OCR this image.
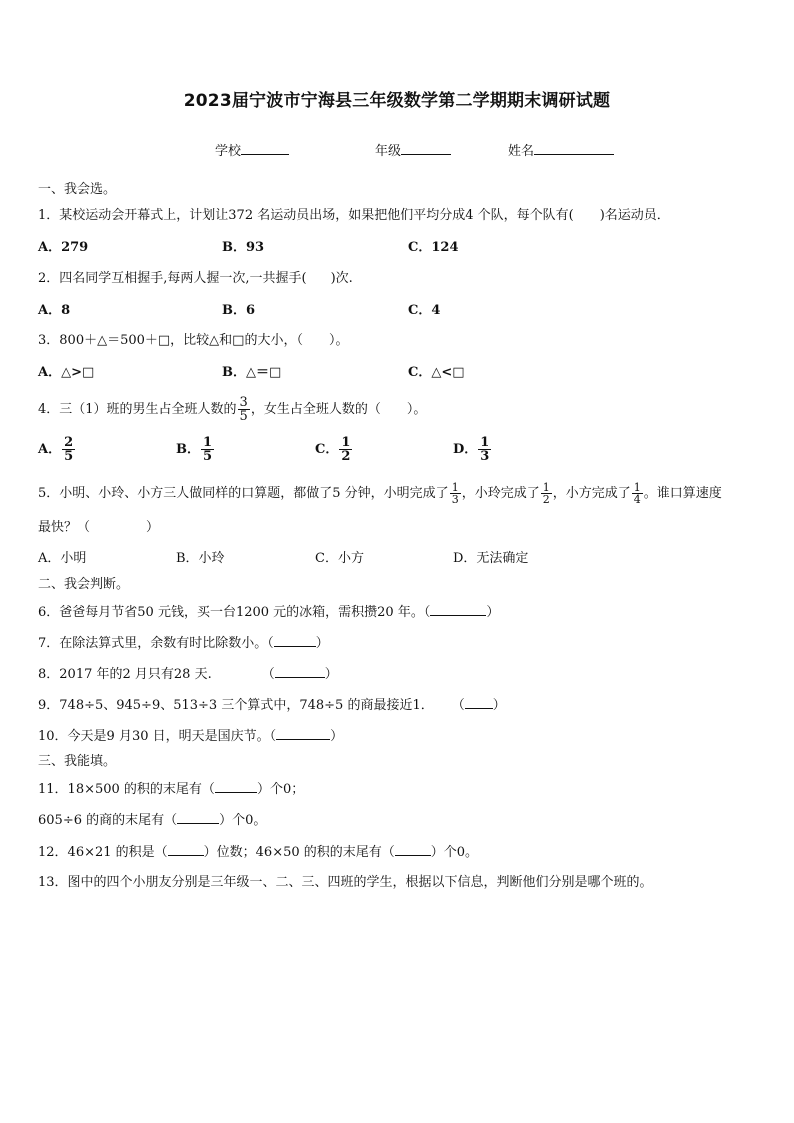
2023届宁波市宁海县三年级数学第二学期期末调研试题
学校	年级	姓名
一、我会选。
1．某校运动会开幕式上，计划让372 名运动员出场，如果把他们平均分成4 个队，每个队有( )名运动员．
A．279	B．93	C．124
2．四名同学互相握手,每两人握一次,一共握手( )次.
A．8	B．6	C．4
3．800＋△＝500＋□，比较△和□的大小，（　　）。
A．△>□	B．△＝□	C．△<□
4．三（1）班的男生占全班人数的 $\frac{3}{5}$ ，女生占全班人数的（　　）。
A． $\frac{2}{5}$	B． $\frac{1}{5}$	C． $\frac{1}{2}$	D． $\frac{1}{3}$
5．小明、小玲、小方三人做同样的口算题，都做了5 分钟，小明完成了 $\frac{1}{3}$ ，小玲完成了 $\frac{1}{2}$ ，小方完成了 $\frac{1}{4}$ 。谁口算速度
最快？（	）
A．小明	B．小玲	C．小方	D．无法确定
二、我会判断。
6．爸爸每月节省50 元钱，买一台1200 元的冰箱，需积攒20 年。（	）
7．在除法算式里，余数有时比除数小。（	）
8．2017 年的2 月只有28 天.	（	）
9．748÷5、945÷9、513÷3 三个算式中，748÷5 的商最接近1． （ ）
10．今天是9 月30 日，明天是国庆节。（	）
三、我能填。
11．18×500 的积的末尾有（	）个0；
605÷6 的商的末尾有（	）个0。
12．46×21 的积是（	）位数；46×50 的积的末尾有（	）个0。
13．图中的四个小朋友分别是三年级一、二、三、四班的学生，根据以下信息，判断他们分别是哪个班的。
